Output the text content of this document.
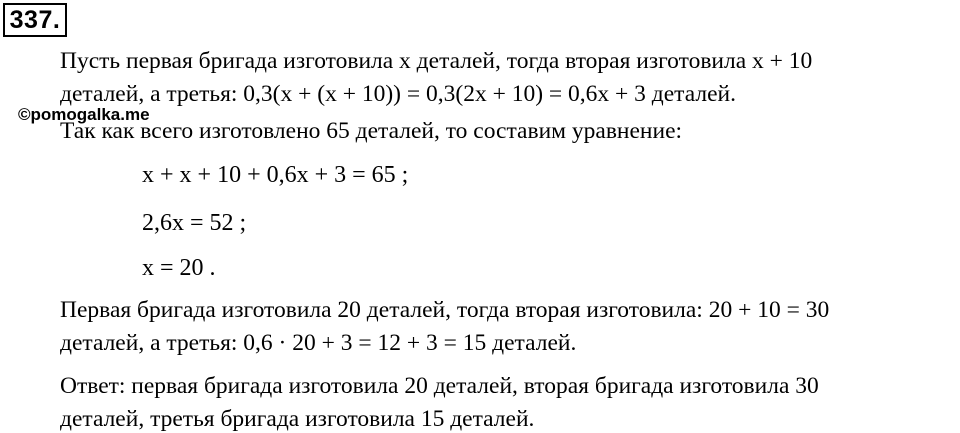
337.
Пусть первая бригада изготовила x деталей, тогда вторая изготовила x + 10
деталей, а третья: 0,3(x + (x + 10)) = 0,3(2x + 10) = 0,6x + 3 деталей.
©pomogalka.me
Так как всего изготовлено 65 деталей, то составим уравнение:
x + x + 10 + 0,6x + 3 = 65 ;
2,6x = 52 ;
x = 20 .
Первая бригада изготовила 20 деталей, тогда вторая изготовила: 20 + 10 = 30
деталей, а третья: 0,6 · 20 + 3 = 12 + 3 = 15 деталей.
Ответ: первая бригада изготовила 20 деталей, вторая бригада изготовила 30
деталей, третья бригада изготовила 15 деталей.
